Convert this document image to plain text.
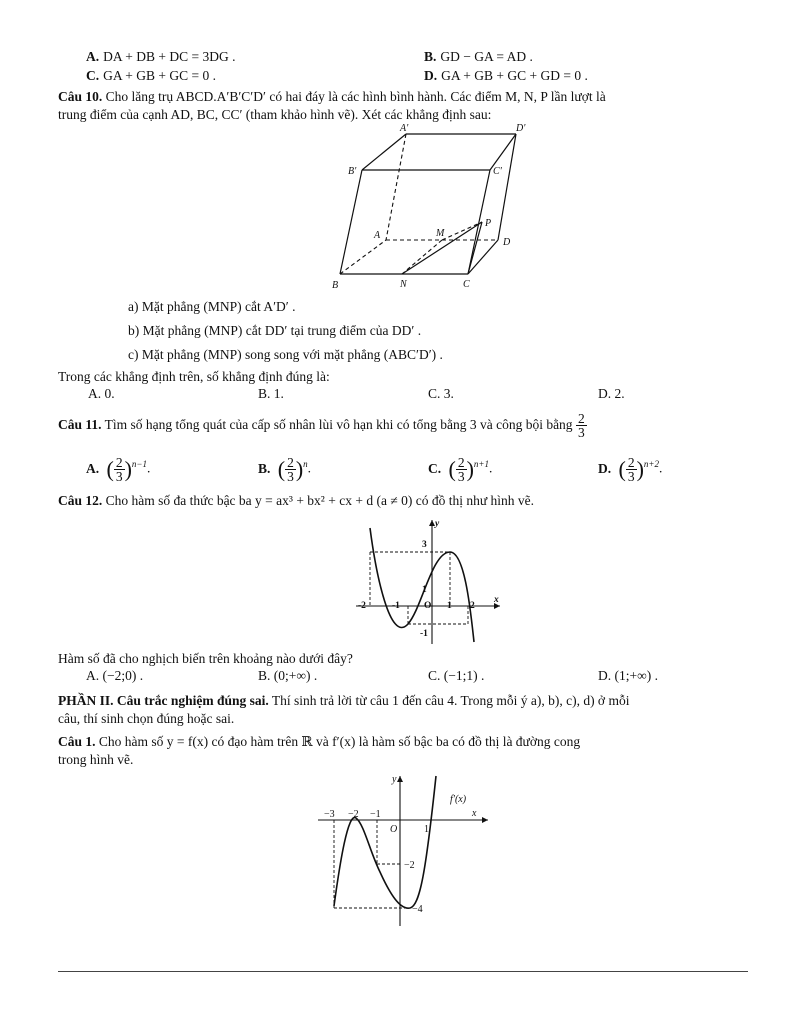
A. DA + DB + DC = 3DG .	B. GD − GA = AD .
C. GA + GB + GC = 0 .	D. GA + GB + GC + GD = 0 .
Câu 10. Cho lăng trụ ABCD.A′B′C′D′ có hai đáy là các hình bình hành. Các điểm M, N, P lần lượt là
trung điểm của cạnh AD, BC, CC′ (tham khảo hình vẽ). Xét các khẳng định sau:
A'	D'
B'	C'
A	M
P
D
B	N	C
a) Mặt phẳng (MNP) cắt A′D′ .
b) Mặt phẳng (MNP) cắt DD′ tại trung điểm của DD′ .
c) Mặt phẳng (MNP) song song với mặt phẳng (ABC′D′) .
Trong các khẳng định trên, số khẳng định đúng là:
A. 0.	B. 1.	C. 3.	D. 2.
Câu 11. Tìm số hạng tổng quát của cấp số nhân lùi vô hạn khi có tổng bằng 3 và công bội bằng $\frac{2}{3}$
A. ( $\frac{2}{3} )^{n-1}$.	B. ( $\frac{2}{3} )^n$.	C. ( $\frac{2}{3} )^{n+1}$.	D. ( $\frac{2}{3} )^{n+2}$.
Câu 12. Cho hàm số đa thức bậc ba y = ax³ + bx² + cx + d (a ≠ 0) có đồ thị như hình vẽ.
y
x
3
1
-2	-1	O 1 2
-1
Hàm số đã cho nghịch biến trên khoảng nào dưới đây?
A. (−2;0) .	B. (0;+∞) .	C. (−1;1) .	D. (1;+∞) .
PHẦN II. Câu trắc nghiệm đúng sai. Thí sinh trả lời từ câu 1 đến câu 4. Trong mỗi ý a), b), c), d) ở mỗi
câu, thí sinh chọn đúng hoặc sai.
Câu 1. Cho hàm số y = f(x) có đạo hàm trên ℝ và f′(x) là hàm số bậc ba có đồ thị là đường cong
trong hình vẽ.
y
f′(x)
x
−3 −2 −1
O	1
−2
−4
